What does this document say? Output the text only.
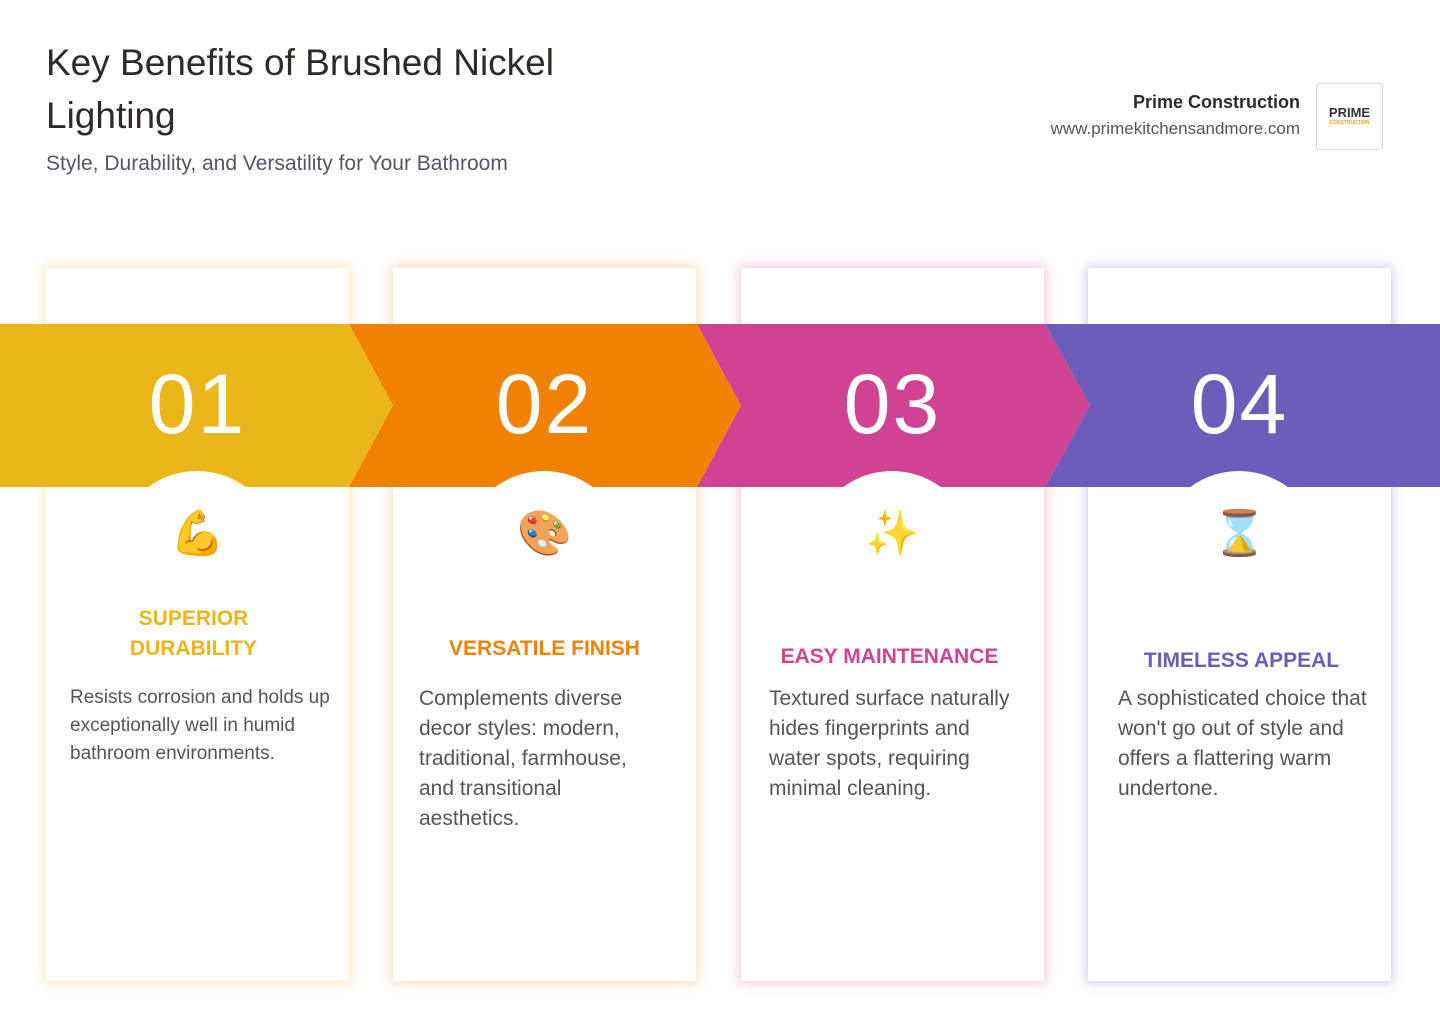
Key Benefits of Brushed Nickel Lighting
Style, Durability, and Versatility for Your Bathroom
Prime Construction
www.primekitchensandmore.com
PRIME
CONSTRUCTION
01	02	03	04
💪	🎨	✨	⌛
SUPERIOR DURABILITY	VERSATILE FINISH	EASY MAINTENANCE	TIMELESS APPEAL
Resists corrosion and holds up exceptionally well in humid bathroom environments.
Complements diverse decor styles: modern, traditional, farmhouse, and transitional aesthetics.
Textured surface naturally hides fingerprints and water spots, requiring minimal cleaning.
A sophisticated choice that won't go out of style and offers a flattering warm undertone.
